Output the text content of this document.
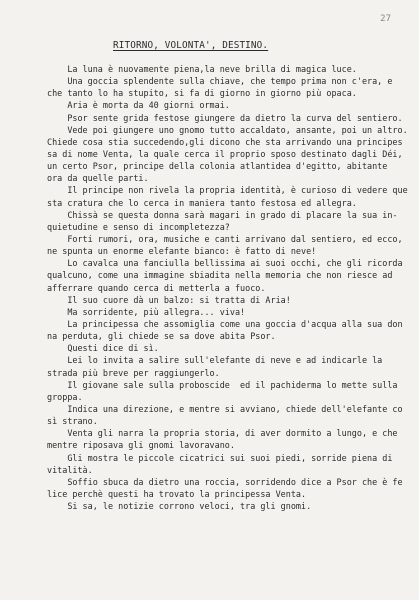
27
RITORNO, VOLONTA', DESTINO.
La luna è nuovamente piena,la neve brilla di magica luce.
Una goccia splendente sulla chiave, che tempo prima non c'era, e
che tanto lo ha stupito, si fa di giorno in giorno più opaca.
Aria è morta da 40 giorni ormai.
Psor sente grida festose giungere da dietro la curva del sentiero.
Vede poi giungere uno gnomo tutto accaldato, ansante, poi un altro.
Chiede cosa stia succedendo,gli dicono che sta arrivando una principes
sa di nome Venta, la quale cerca il proprio sposo destinato dagli Déi,
un certo Psor, principe della colonia atlantidea d'egitto, abitante
ora da quelle parti.
Il principe non rivela la propria identità, è curioso di vedere que
sta cratura che lo cerca in maniera tanto festosa ed allegra.
Chissà se questa donna sarà magari in grado di placare la sua in-
quietudine e senso di incompletezza?
Forti rumori, ora, musiche e canti arrivano dal sentiero, ed ecco,
ne spunta un enorme elefante bianco: è fatto di neve!
Lo cavalca una fanciulla bellissima ai suoi occhi, che gli ricorda
qualcuno, come una immagine sbiadita nella memoria che non riesce ad
afferrare quando cerca di metterla a fuoco.
Il suo cuore dà un balzo: si tratta di Aria!
Ma sorridente, più allegra... viva!
La principessa che assomiglia come una goccia d'acqua alla sua don
na perduta, gli chiede se sa dove abita Psor.
Questi dice di sì.
Lei lo invita a salire sull'elefante di neve e ad indicarle la
strada più breve per raggiungerlo.
Il giovane sale sulla proboscide  ed il pachiderma lo mette sulla
groppa.
Indica una direzione, e mentre si avviano, chiede dell'elefante co
sì strano.
Venta gli narra la propria storia, di aver dormito a lungo, e che
mentre riposava gli gnomi lavoravano.
Gli mostra le piccole cicatrici sui suoi piedi, sorride piena di
vitalità.
Soffio sbuca da dietro una roccia, sorridendo dice a Psor che è fe
lice perchè questi ha trovato la principessa Venta.
Si sa, le notizie corrono veloci, tra gli gnomi.
